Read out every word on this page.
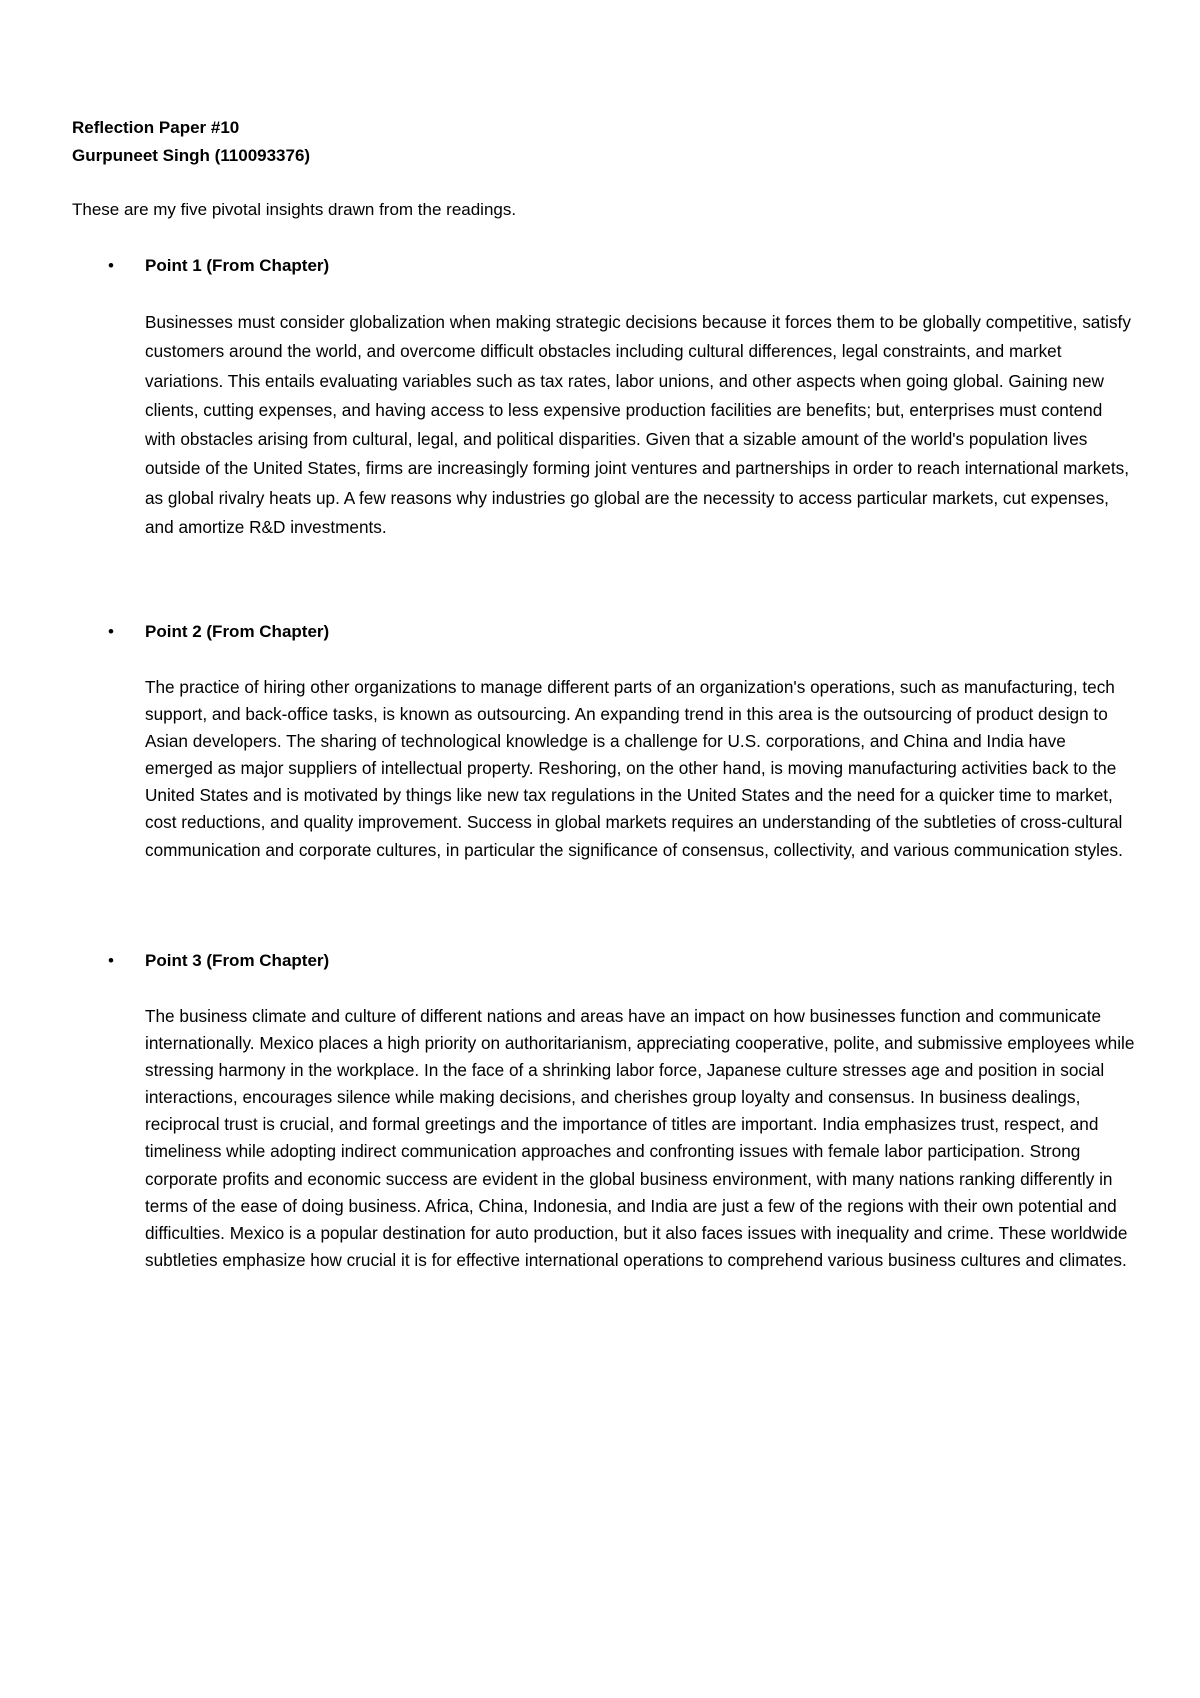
Reflection Paper #10

Gurpuneet Singh (110093376)

These are my five pivotal insights drawn from the readings.

• Point 1 (From Chapter)

Businesses must consider globalization when making strategic decisions because it forces them to be globally competitive, satisfy customers around the world, and overcome difficult obstacles including cultural differences, legal constraints, and market variations. This entails evaluating variables such as tax rates, labor unions, and other aspects when going global. Gaining new clients, cutting expenses, and having access to less expensive production facilities are benefits; but, enterprises must contend with obstacles arising from cultural, legal, and political disparities. Given that a sizable amount of the world's population lives outside of the United States, firms are increasingly forming joint ventures and partnerships in order to reach international markets, as global rivalry heats up. A few reasons why industries go global are the necessity to access particular markets, cut expenses, and amortize R&D investments.

• Point 2 (From Chapter)

The practice of hiring other organizations to manage different parts of an organization's operations, such as manufacturing, tech support, and back-office tasks, is known as outsourcing. An expanding trend in this area is the outsourcing of product design to Asian developers. The sharing of technological knowledge is a challenge for U.S. corporations, and China and India have emerged as major suppliers of intellectual property. Reshoring, on the other hand, is moving manufacturing activities back to the United States and is motivated by things like new tax regulations in the United States and the need for a quicker time to market, cost reductions, and quality improvement. Success in global markets requires an understanding of the subtleties of cross-cultural communication and corporate cultures, in particular the significance of consensus, collectivity, and various communication styles.

• Point 3 (From Chapter)

The business climate and culture of different nations and areas have an impact on how businesses function and communicate internationally. Mexico places a high priority on authoritarianism, appreciating cooperative, polite, and submissive employees while stressing harmony in the workplace. In the face of a shrinking labor force, Japanese culture stresses age and position in social interactions, encourages silence while making decisions, and cherishes group loyalty and consensus. In business dealings, reciprocal trust is crucial, and formal greetings and the importance of titles are important. India emphasizes trust, respect, and timeliness while adopting indirect communication approaches and confronting issues with female labor participation. Strong corporate profits and economic success are evident in the global business environment, with many nations ranking differently in terms of the ease of doing business. Africa, China, Indonesia, and India are just a few of the regions with their own potential and difficulties. Mexico is a popular destination for auto production, but it also faces issues with inequality and crime. These worldwide subtleties emphasize how crucial it is for effective international operations to comprehend various business cultures and climates.
